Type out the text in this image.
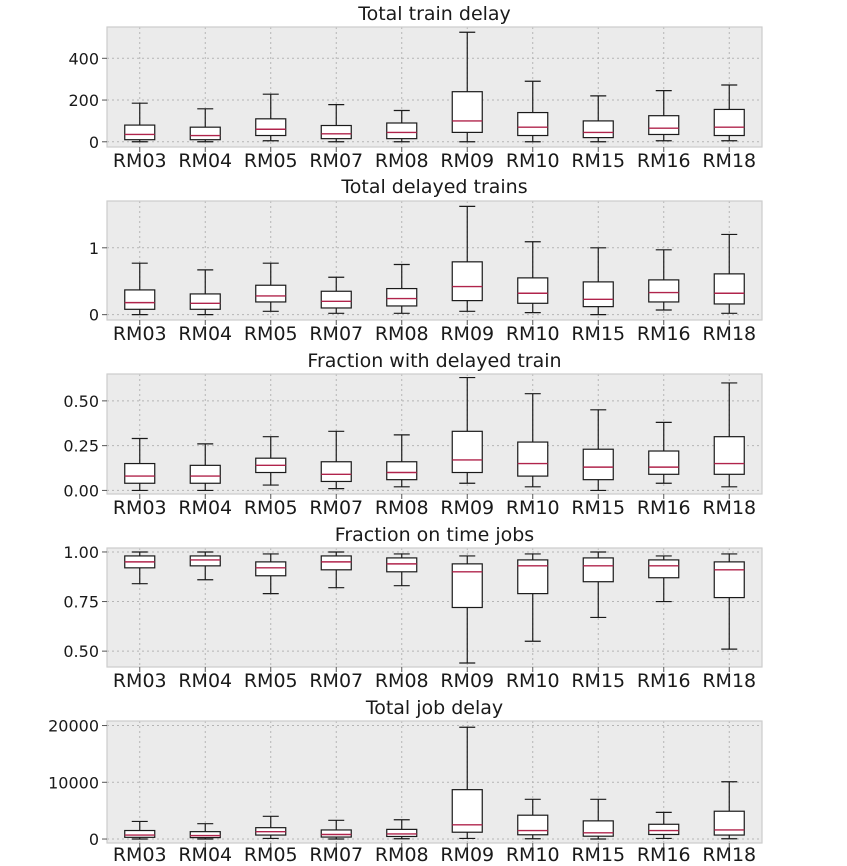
Total train delay
0
200
400
RM03 RM04 RM05 RM07 RM08 RM09 RM10 RM15 RM16 RM18
Total delayed trains
0
1
RM03 RM04 RM05 RM07 RM08 RM09 RM10 RM15 RM16 RM18
Fraction with delayed train
0.00
0.25
0.50
RM03 RM04 RM05 RM07 RM08 RM09 RM10 RM15 RM16 RM18
Fraction on time jobs
0.50
0.75
1.00
RM03 RM04 RM05 RM07 RM08 RM09 RM10 RM15 RM16 RM18
Total job delay
0
10000
20000
RM03 RM04 RM05 RM07 RM08 RM09 RM10 RM15 RM16 RM18
